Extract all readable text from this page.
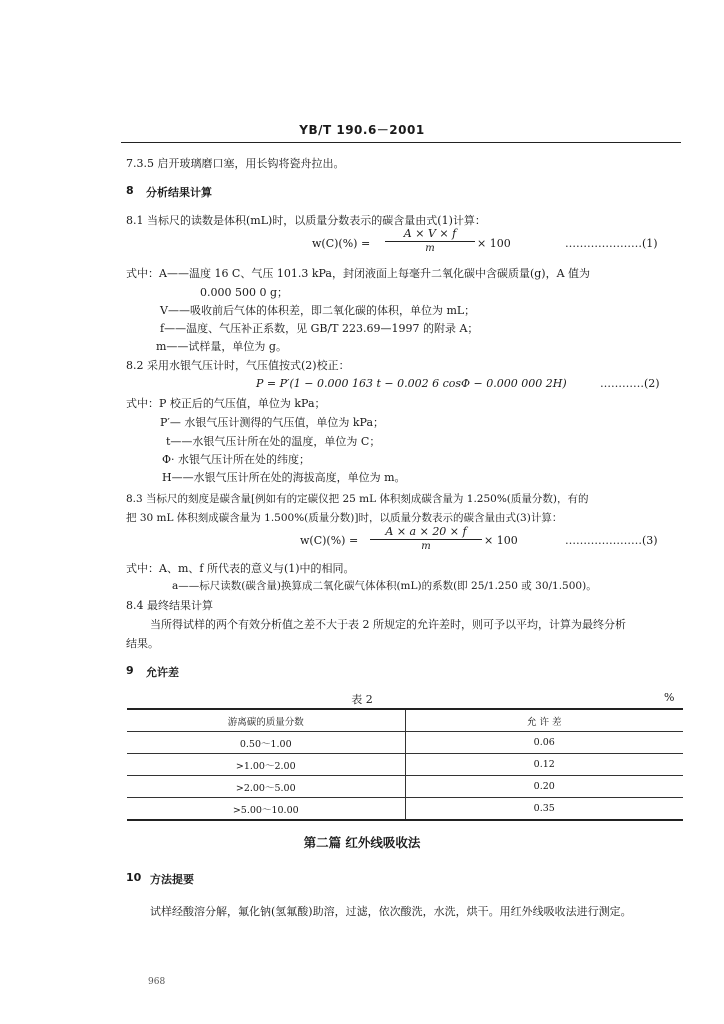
YB/T 190.6－2001
7.3.5 启开玻璃磨口塞，用长钩将瓷舟拉出。
8 分析结果计算
8.1 当标尺的读数是体积(mL)时，以质量分数表示的碳含量由式(1)计算：
$w(C)(\%) = \frac{A \times V \times f}{m} \times 100$	…………………(1)
式中：A——温度 16 C、气压 101.3 kPa，封闭液面上每毫升二氧化碳中含碳质量(g)，A 值为
0.000 500 0 g；
V——吸收前后气体的体积差，即二氧化碳的体积，单位为 mL；
f——温度、气压补正系数，见 GB/T 223.69—1997 的附录 A；
m——试样量，单位为 g。
8.2 采用水银气压计时，气压值按式(2)校正：
P = P′(1 − 0.000 163 t − 0.002 6 cosΦ − 0.000 000 2H)	…………(2)
式中：P 校正后的气压值，单位为 kPa；
P′— 水银气压计测得的气压值，单位为 kPa；
t——水银气压计所在处的温度，单位为 C；
Φ· 水银气压计所在处的纬度；
H——水银气压计所在处的海拔高度，单位为 m。
8.3 当标尺的刻度是碳含量[例如有的定碳仪把 25 mL 体积刻成碳含量为 1.250%(质量分数)，有的
把 30 mL 体积刻成碳含量为 1.500%(质量分数)]时，以质量分数表示的碳含量由式(3)计算：
$w(C)(\%) = \frac{A \times a \times 20 \times f}{m} \times 100$	…………………(3)
式中：A、m、f 所代表的意义与(1)中的相同。
a——标尺读数(碳含量)换算成二氧化碳气体体积(mL)的系数(即 25/1.250 或 30/1.500)。
8.4 最终结果计算
当所得试样的两个有效分析值之差不大于表 2 所规定的允许差时，则可予以平均，计算为最终分析
结果。
9 允许差
表 2	%
游离碳的质量分数	允 许 差
0.50～1.00	0.06
>1.00～2.00	0.12
>2.00～5.00	0.20
>5.00～10.00	0.35
第二篇 红外线吸收法
10 方法提要
试样经酸溶分解，氟化钠(氢氟酸)助溶，过滤，依次酸洗，水洗，烘干。用红外线吸收法进行测定。
968
